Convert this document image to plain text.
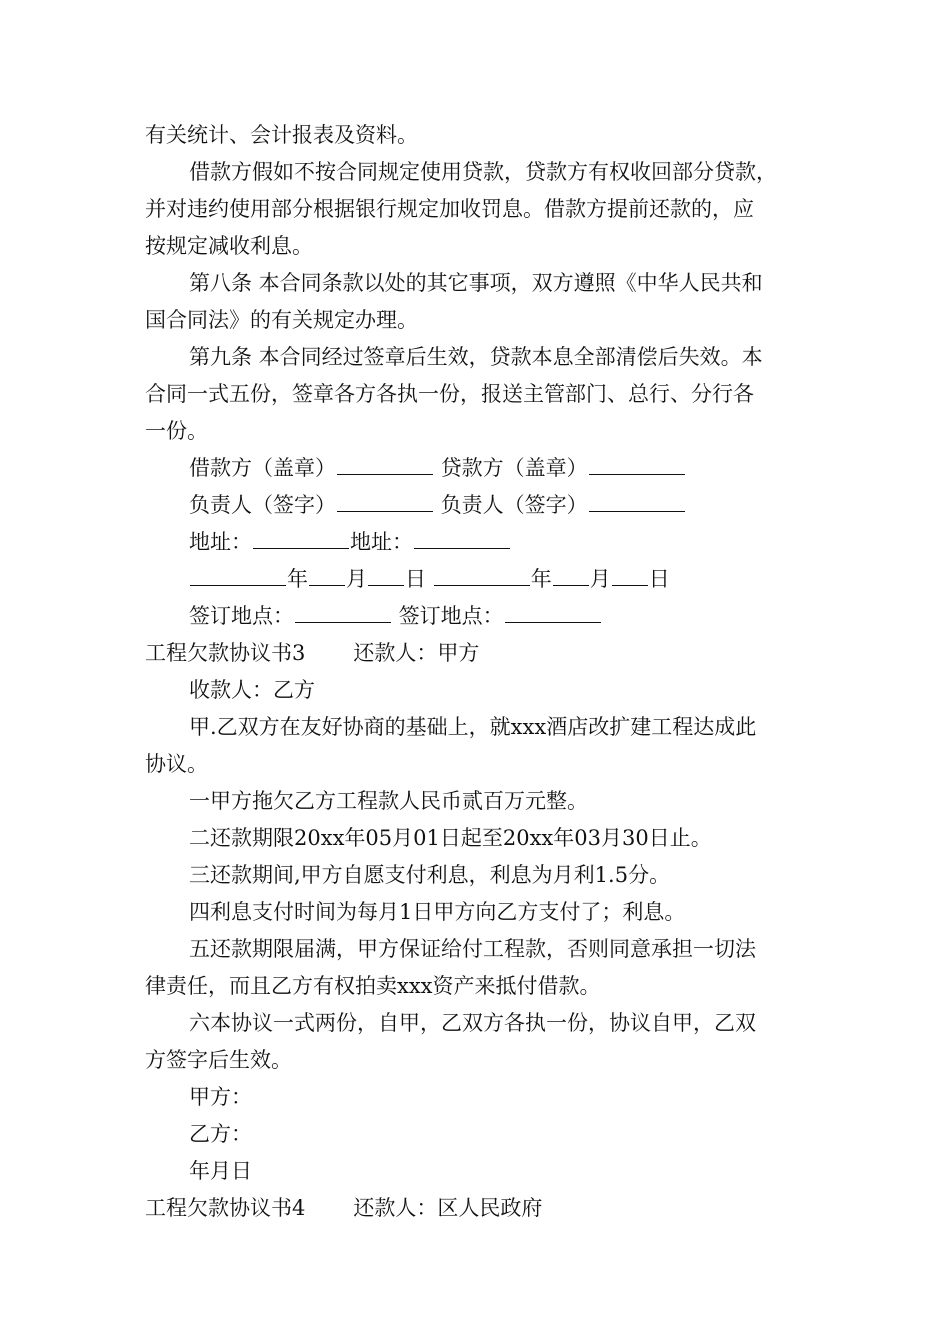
有关统计、会计报表及资料。
借款方假如不按合同规定使用贷款，贷款方有权收回部分贷款，
并对违约使用部分根据银行规定加收罚息。借款方提前还款的，应
按规定减收利息。
第八条 本合同条款以处的其它事项，双方遵照《中华人民共和
国合同法》的有关规定办理。
第九条 本合同经过签章后生效，贷款本息全部清偿后失效。本
合同一式五份，签章各方各执一份，报送主管部门、总行、分行各
一份。
借款方（盖章）	贷款方（盖章）
负责人（签字）	负责人（签字）
地址：	地址：
年 月 日	年 月 日
签订地点：	签订地点：
工程欠款协议书3 还款人：甲方
收款人：乙方
甲.乙双方在友好协商的基础上，就xxx酒店改扩建工程达成此
协议。
一甲方拖欠乙方工程款人民币贰百万元整。
二还款期限20xx年05月01日起至20xx年03月30日止。
三还款期间,甲方自愿支付利息，利息为月利1.5分。
四利息支付时间为每月1日甲方向乙方支付了；利息。
五还款期限届满，甲方保证给付工程款，否则同意承担一切法
律责任，而且乙方有权拍卖xxx资产来抵付借款。
六本协议一式两份，自甲，乙双方各执一份，协议自甲，乙双
方签字后生效。
甲方：
乙方：
年月日
工程欠款协议书4 还款人：区人民政府
